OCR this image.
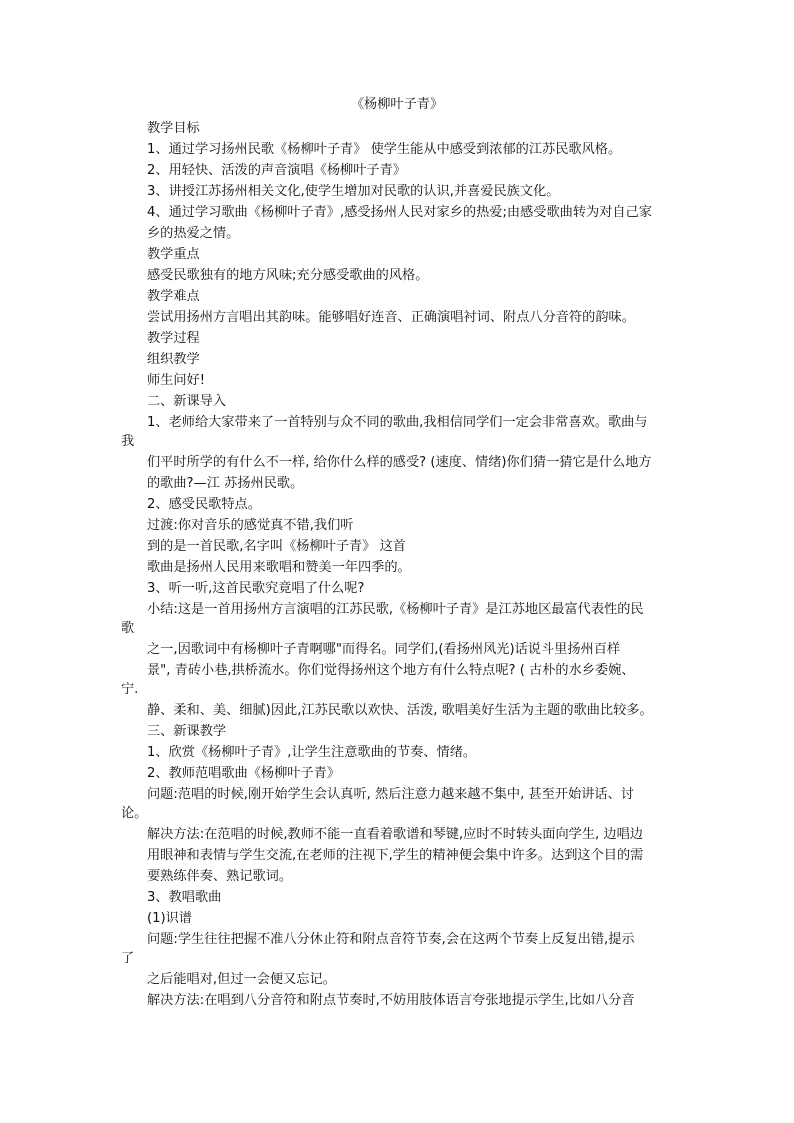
《杨柳叶子青》
教学目标
1、通过学习扬州民歌《杨柳叶子青》 使学生能从中感受到浓郁的江苏民歌风格。
2、用轻快、活泼的声音演唱《杨柳叶子青》
3、讲授江苏扬州相关文化,使学生增加对民歌的认识,并喜爱民族文化。
4、通过学习歌曲《杨柳叶子青》,感受扬州人民对家乡的热爱;由感受歌曲转为对自己家
乡的热爱之情。
教学重点
感受民歌独有的地方风味;充分感受歌曲的风格。
教学难点
尝试用扬州方言唱出其韵味。能够唱好连音、正确演唱衬词、附点八分音符的韵味。
教学过程
组织教学
师生问好!
二、新课导入
1、老师给大家带来了一首特别与众不同的歌曲,我相信同学们一定会非常喜欢。歌曲与
我
们平时所学的有什么不一样, 给你什么样的感受? (速度、情绪)你们猜一猜它是什么地方
的歌曲?—江 苏扬州民歌。
2、感受民歌特点。
过渡:你对音乐的感觉真不错,我们听
到的是一首民歌,名字叫《杨柳叶子青》 这首
歌曲是扬州人民用来歌唱和赞美一年四季的。
3、听一听,这首民歌究竟唱了什么呢?
小结:这是一首用扬州方言演唱的江苏民歌,《杨柳叶子青》是江苏地区最富代表性的民
歌
之一,因歌词中有杨柳叶子青啊哪"而得名。同学们,(看扬州风光)话说斗里扬州百样
景", 青砖小巷,拱桥流水。你们觉得扬州这个地方有什么特点呢? ( 古朴的水乡委婉、
宁.
静、柔和、美、细腻)因此,江苏民歌以欢快、活泼, 歌唱美好生活为主题的歌曲比较多。
三、新课教学
1、欣赏《杨柳叶子青》,让学生注意歌曲的节奏、情绪。
2、教师范唱歌曲《杨柳叶子青》
问题:范唱的时候,刚开始学生会认真听, 然后注意力越来越不集中, 甚至开始讲话、讨
论。
解决方法:在范唱的时候,教师不能一直看着歌谱和琴键,应时不时转头面向学生, 边唱边
用眼神和表情与学生交流,在老师的注视下,学生的精神便会集中许多。达到这个目的需
要熟练伴奏、熟记歌词。
3、教唱歌曲
(1)识谱
问题:学生往往把握不准八分休止符和附点音符节奏,会在这两个节奏上反复出错,提示
了
之后能唱对,但过一会便又忘记。
解决方法:在唱到八分音符和附点节奏时,不妨用肢体语言夸张地提示学生,比如八分音
